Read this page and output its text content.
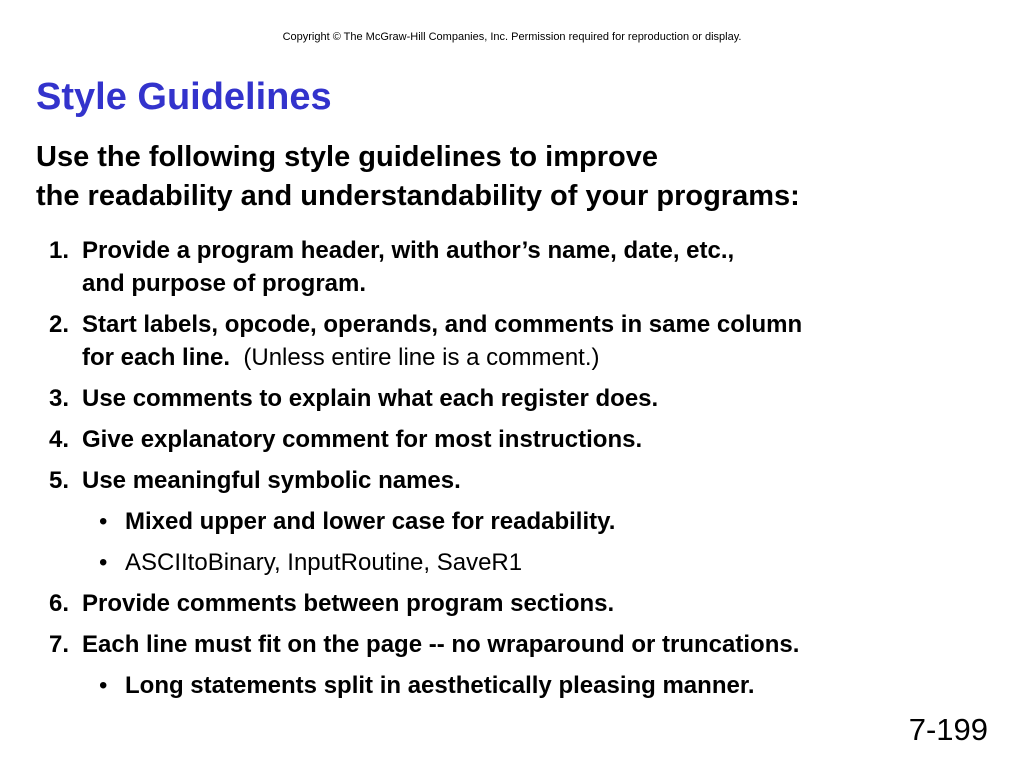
Copyright © The McGraw-Hill Companies, Inc. Permission required for reproduction or display.
Style Guidelines
Use the following style guidelines to improve
the readability and understandability of your programs:
1. Provide a program header, with author’s name, date, etc.,
and purpose of program.
2. Start labels, opcode, operands, and comments in same column
for each line.  (Unless entire line is a comment.)
3. Use comments to explain what each register does.
4. Give explanatory comment for most instructions.
5. Use meaningful symbolic names.
• Mixed upper and lower case for readability.
• ASCIItoBinary, InputRoutine, SaveR1
6. Provide comments between program sections.
7. Each line must fit on the page -- no wraparound or truncations.
• Long statements split in aesthetically pleasing manner.
7-199
